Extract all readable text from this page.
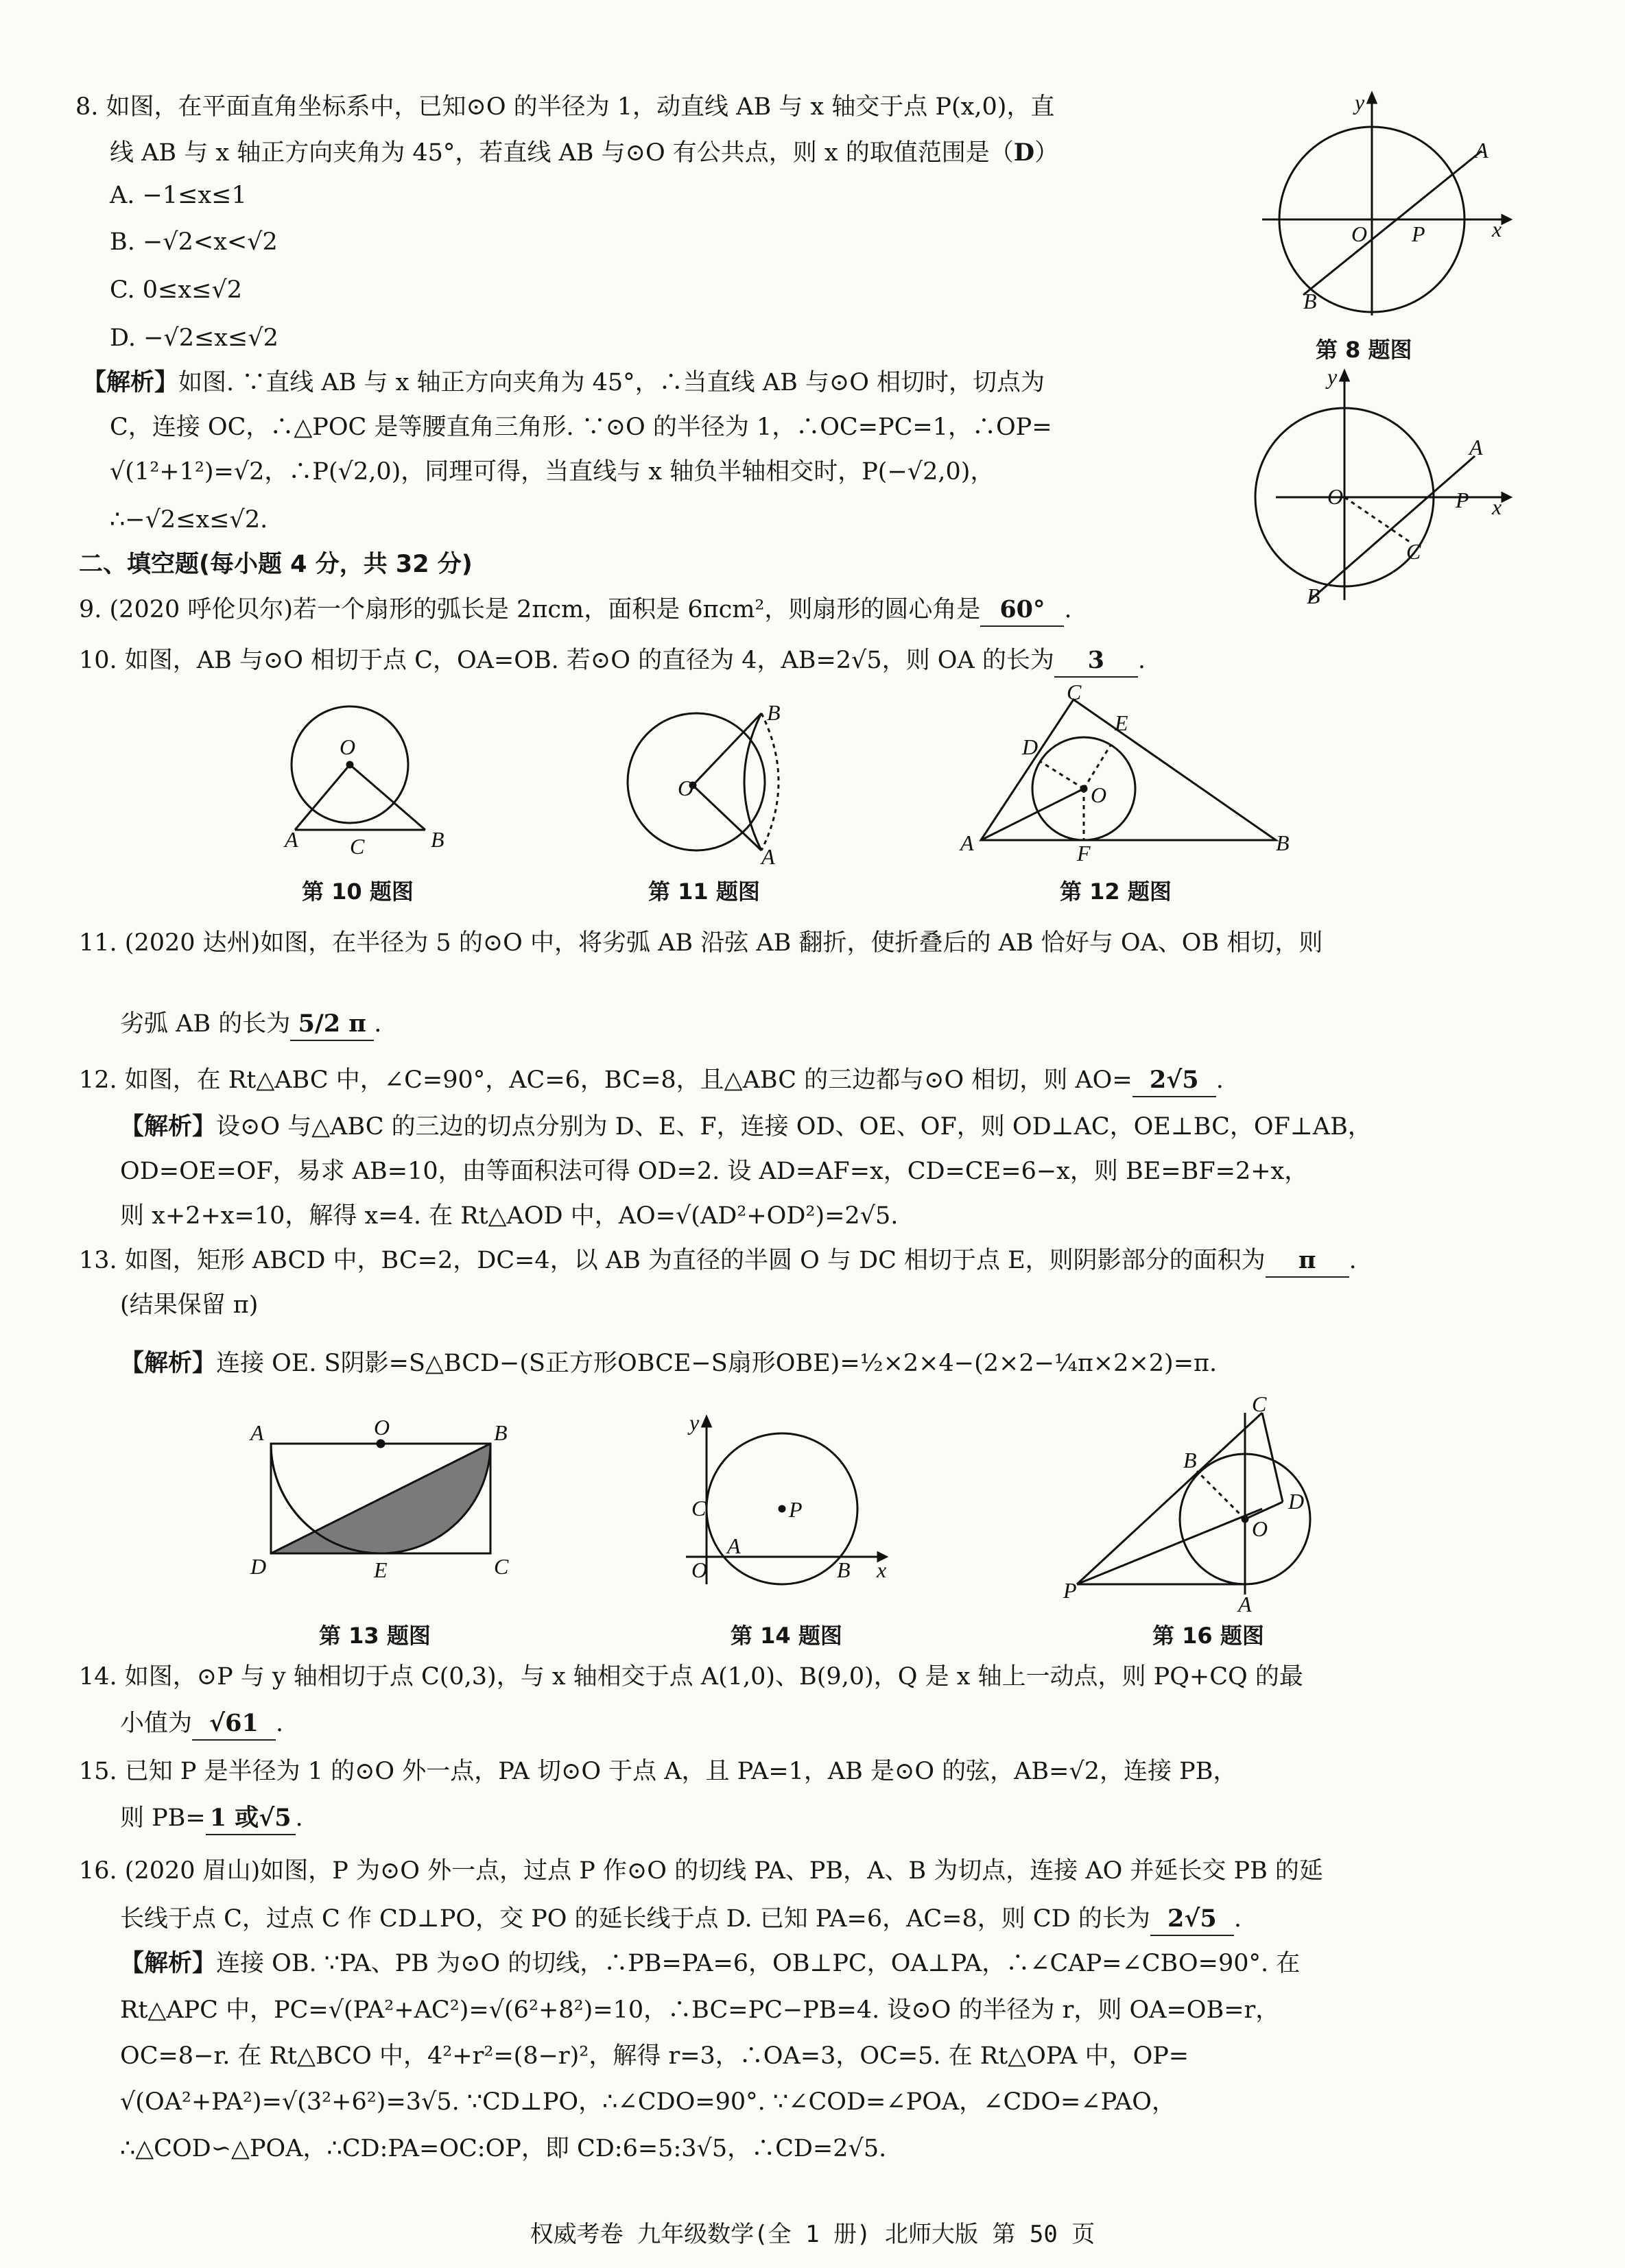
8. 如图，在平面直角坐标系中，已知⊙O 的半径为 1，动直线 AB 与 x 轴交于点 P(x,0)，直
线 AB 与 x 轴正方向夹角为 45°，若直线 AB 与⊙O 有公共点，则 x 的取值范围是（D）
A. −1≤x≤1
B. −√2<x<√2
C. 0≤x≤√2
D. −√2≤x≤√2
【解析】如图. ∵直线 AB 与 x 轴正方向夹角为 45°，∴当直线 AB 与⊙O 相切时，切点为
C，连接 OC，∴△POC 是等腰直角三角形. ∵⊙O 的半径为 1，∴OC=PC=1，∴OP=
√(1²+1²)=√2，∴P(√2,0)，同理可得，当直线与 x 轴负半轴相交时，P(−√2,0)，
∴−√2≤x≤√2.
y
x
O P
A
B
第 8 题图
y
x
O	P
A
B
C
二、填空题(每小题 4 分，共 32 分)
9. (2020 呼伦贝尔)若一个扇形的弧长是 2πcm，面积是 6πcm²，则扇形的圆心角是 60° .
10. 如图，AB 与⊙O 相切于点 C，OA=OB. 若⊙O 的直径为 4，AB=2√5，则 OA 的长为 3 .
O
A C	B
第 10 题图
O
B
A
第 11 题图
C
E
D
O
A	B
F
第 12 题图
11. (2020 达州)如图，在半径为 5 的⊙O 中，将劣弧 AB 沿弦 AB 翻折，使折叠后的 AB 恰好与 OA、OB 相切，则
劣弧 AB 的长为 5/2 π .
12. 如图，在 Rt△ABC 中，∠C=90°，AC=6，BC=8，且△ABC 的三边都与⊙O 相切，则 AO= 2√5 .
【解析】设⊙O 与△ABC 的三边的切点分别为 D、E、F，连接 OD、OE、OF，则 OD⊥AC，OE⊥BC，OF⊥AB，
OD=OE=OF，易求 AB=10，由等面积法可得 OD=2. 设 AD=AF=x，CD=CE=6−x，则 BE=BF=2+x，
则 x+2+x=10，解得 x=4. 在 Rt△AOD 中，AO=√(AD²+OD²)=2√5.
13. 如图，矩形 ABCD 中，BC=2，DC=4，以 AB 为直径的半圆 O 与 DC 相切于点 E，则阴影部分的面积为 π .
(结果保留 π)
【解析】连接 OE. S阴影=S△BCD−(S正方形OBCE−S扇形OBE)=½×2×4−(2×2−¼π×2×2)=π.
A	O	B
D	E	C
第 13 题图
y
x
C
O
A
B
P
第 14 题图
C
B
D
O
P
A
第 16 题图
14. 如图，⊙P 与 y 轴相切于点 C(0,3)，与 x 轴相交于点 A(1,0)、B(9,0)，Q 是 x 轴上一动点，则 PQ+CQ 的最
小值为 √61 .
15. 已知 P 是半径为 1 的⊙O 外一点，PA 切⊙O 于点 A，且 PA=1，AB 是⊙O 的弦，AB=√2，连接 PB，
则 PB= 1 或√5 .
16. (2020 眉山)如图，P 为⊙O 外一点，过点 P 作⊙O 的切线 PA、PB，A、B 为切点，连接 AO 并延长交 PB 的延
长线于点 C，过点 C 作 CD⊥PO，交 PO 的延长线于点 D. 已知 PA=6，AC=8，则 CD 的长为 2√5 .
【解析】连接 OB. ∵PA、PB 为⊙O 的切线，∴PB=PA=6，OB⊥PC，OA⊥PA，∴∠CAP=∠CBO=90°. 在
Rt△APC 中，PC=√(PA²+AC²)=√(6²+8²)=10，∴BC=PC−PB=4. 设⊙O 的半径为 r，则 OA=OB=r，
OC=8−r. 在 Rt△BCO 中，4²+r²=(8−r)²，解得 r=3，∴OA=3，OC=5. 在 Rt△OPA 中，OP=
√(OA²+PA²)=√(3²+6²)=3√5. ∵CD⊥PO，∴∠CDO=90°. ∵∠COD=∠POA，∠CDO=∠PAO，
∴△COD∽△POA，∴CD:PA=OC:OP，即 CD:6=5:3√5，∴CD=2√5.
权威考卷 九年级数学(全 1 册) 北师大版 第 50 页
